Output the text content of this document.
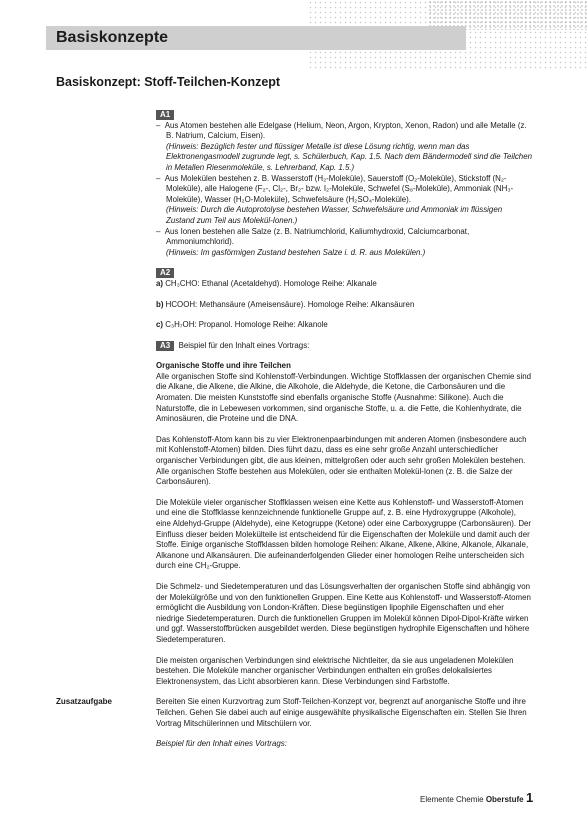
Basiskonzepte
Basiskonzept: Stoff-Teilchen-Konzept
A1
– Aus Atomen bestehen alle Edelgase (Helium, Neon, Argon, Krypton, Xenon, Radon) und alle Metalle (z. B. Natrium, Calcium, Eisen).
(Hinweis: Bezüglich fester und flüssiger Metalle ist diese Lösung richtig, wenn man das Elektronengasmodell zugrunde legt, s. Schülerbuch, Kap. 1.5. Nach dem Bändermodell sind die Teilchen in Metallen Riesenmoleküle, s. Lehrerband, Kap. 1.5.)
– Aus Molekülen bestehen z. B. Wasserstoff (H₂-Moleküle), Sauerstoff (O₂-Moleküle), Stickstoff (N₂-Moleküle), alle Halogene (F₂-, Cl₂-, Br₂- bzw. I₂-Moleküle, Schwefel (S₈-Moleküle), Ammoniak (NH₃-Moleküle), Wasser (H₂O-Moleküle), Schwefelsäure (H₂SO₄-Moleküle).
(Hinweis: Durch die Autoprotolyse bestehen Wasser, Schwefelsäure und Ammoniak im flüssigen Zustand zum Teil aus Molekül-Ionen.)
– Aus Ionen bestehen alle Salze (z. B. Natriumchlorid, Kaliumhydroxid, Calciumcarbonat, Ammoniumchlorid).
(Hinweis: Im gasförmigen Zustand bestehen Salze i. d. R. aus Molekülen.)
A2

a) CH₃CHO: Ethanal (Acetaldehyd). Homologe Reihe: Alkanale

b) HCOOH: Methansäure (Ameisensäure). Homologe Reihe: Alkansäuren

c) C₃H₇OH: Propanol. Homologe Reihe: Alkanole

A3 Beispiel für den Inhalt eines Vortrags:

Organische Stoffe und ihre Teilchen

Alle organischen Stoffe sind Kohlenstoff-Verbindungen. Wichtige Stoffklassen der organischen Chemie sind die Alkane, die Alkene, die Alkine, die Alkohole, die Aldehyde, die Ketone, die Carbonsäuren und die Aromaten. Die meisten Kunststoffe sind ebenfalls organische Stoffe (Ausnahme: Silikone). Auch die Naturstoffe, die in Lebewesen vorkommen, sind organische Stoffe, u. a. die Fette, die Kohlenhydrate, die Aminosäuren, die Proteine und die DNA.

Das Kohlenstoff-Atom kann bis zu vier Elektronenpaarbindungen mit anderen Atomen (insbesondere auch mit Kohlenstoff-Atomen) bilden. Dies führt dazu, dass es eine sehr große Anzahl unterschiedlicher organischer Verbindungen gibt, die aus kleinen, mittelgroßen oder auch sehr großen Molekülen bestehen. Alle organischen Stoffe bestehen aus Molekülen, oder sie enthalten Molekül-Ionen (z. B. die Salze der Carbonsäuren).

Die Moleküle vieler organischer Stoffklassen weisen eine Kette aus Kohlenstoff- und Wasserstoff-Atomen und eine die Stoffklasse kennzeichnende funktionelle Gruppe auf, z. B. eine Hydroxygruppe (Alkohole), eine Aldehyd-Gruppe (Aldehyde), eine Ketogruppe (Ketone) oder eine Carboxygruppe (Carbonsäuren). Der Einfluss dieser beiden Molekülteile ist entscheidend für die Eigenschaften der Moleküle und damit auch der Stoffe. Einige organische Stoffklassen bilden homologe Reihen: Alkane, Alkene, Alkine, Alkanole, Alkanale, Alkanone und Alkansäuren. Die aufeinanderfolgenden Glieder einer homologen Reihe unterscheiden sich durch eine CH₂-Gruppe.

Die Schmelz- und Siedetemperaturen und das Lösungsverhalten der organischen Stoffe sind abhängig von der Molekülgröße und von den funktionellen Gruppen. Eine Kette aus Kohlenstoff- und Wasserstoff-Atomen ermöglicht die Ausbildung von London-Kräften. Diese begünstigen lipophile Eigenschaften und eher niedrige Siedetemperaturen. Durch die funktionellen Gruppen im Molekül können Dipol-Dipol-Kräfte wirken und ggf. Wasserstoffbrücken ausgebildet werden. Diese begünstigen hydrophile Eigenschaften und höhere Siedetemperaturen.

Die meisten organischen Verbindungen sind elektrische Nichtleiter, da sie aus ungeladenen Molekülen bestehen. Die Moleküle mancher organischer Verbindungen enthalten ein großes delokalisiertes Elektronensystem, das Licht absorbieren kann. Diese Verbindungen sind Farbstoffe.

Bereiten Sie einen Kurzvortrag zum Stoff-Teilchen-Konzept vor, begrenzt auf anorganische Stoffe und ihre Teilchen. Gehen Sie dabei auch auf einige ausgewählte physikalische Eigenschaften ein. Stellen Sie Ihren Vortrag Mitschülerinnen und Mitschülern vor.

Beispiel für den Inhalt eines Vortrags:

Zusatzaufgabe
Elemente Chemie Oberstufe 1
